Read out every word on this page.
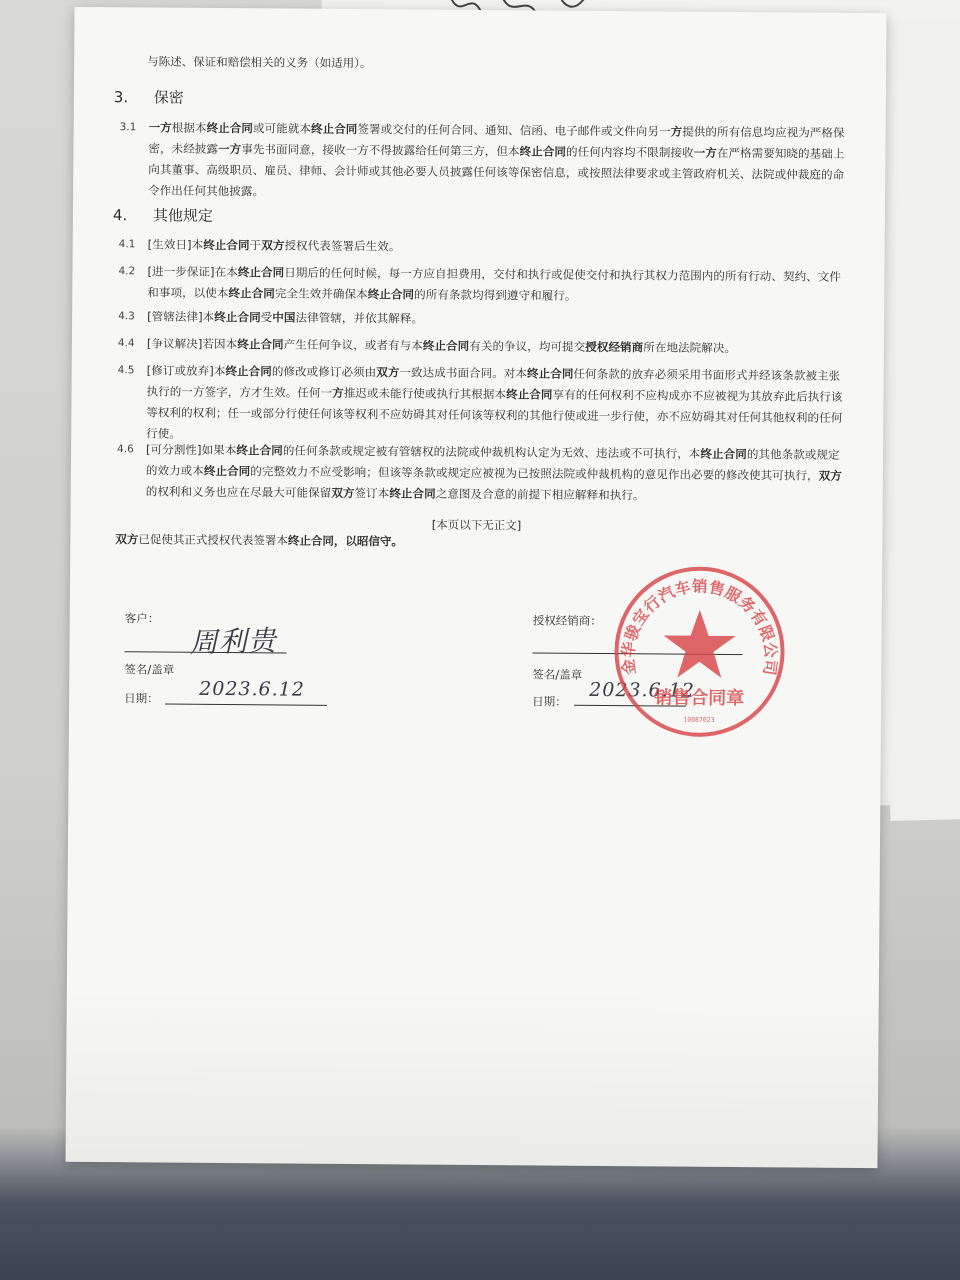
与陈述、保证和赔偿相关的义务（如适用）。

3. 保密
3.1 一方根据本终止合同或可能就本终止合同签署或交付的任何合同、通知、信函、电子邮件或文件向另一方提供的所有信息均应视为严格保密，未经披露一方事先书面同意，接收一方不得披露给任何第三方，但本终止合同的任何内容均不限制接收一方在严格需要知晓的基础上向其董事、高级职员、雇员、律师、会计师或其他必要人员披露任何该等保密信息，或按照法律要求或主管政府机关、法院或仲裁庭的命令作出任何其他披露。

4. 其他规定
4.1 [生效日]本终止合同于双方授权代表签署后生效。

4.2 [进一步保证]在本终止合同日期后的任何时候，每一方应自担费用，交付和执行或促使交付和执行其权力范围内的所有行动、契约、文件和事项，以使本终止合同完全生效并确保本终止合同的所有条款均得到遵守和履行。

4.3 [管辖法律]本终止合同受中国法律管辖，并依其解释。

4.4 [争议解决]若因本终止合同产生任何争议，或者有与本终止合同有关的争议，均可提交授权经销商所在地法院解决。

4.5 [修订或放弃]本终止合同的修改或修订必须由双方一致达成书面合同。对本终止合同任何条款的放弃必须采用书面形式并经该条款被主张执行的一方签字，方才生效。任何一方推迟或未能行使或执行其根据本终止合同享有的任何权利不应构成亦不应被视为其放弃此后执行该等权利的权利；任一或部分行使任何该等权利不应妨碍其对任何该等权利的其他行使或进一步行使，亦不应妨碍其对任何其他权利的任何行使。

4.6 [可分割性]如果本终止合同的任何条款或规定被有管辖权的法院或仲裁机构认定为无效、违法或不可执行，本终止合同的其他条款或规定的效力或本终止合同的完整效力不应受影响；但该等条款或规定应被视为已按照法院或仲裁机构的意见作出必要的修改使其可执行，双方的权利和义务也应在尽最大可能保留双方签订本终止合同之意图及合意的前提下相应解释和执行。

[本页以下无正文]

双方已促使其正式授权代表签署本终止合同，以昭信守。

客户：
周利贵
签名/盖章
日期： 2023.6.12
授权经销商：
签名/盖章
日期： 2023.6.12
金华骏宝行汽车销售服务有限公司
销售合同章
10087023
